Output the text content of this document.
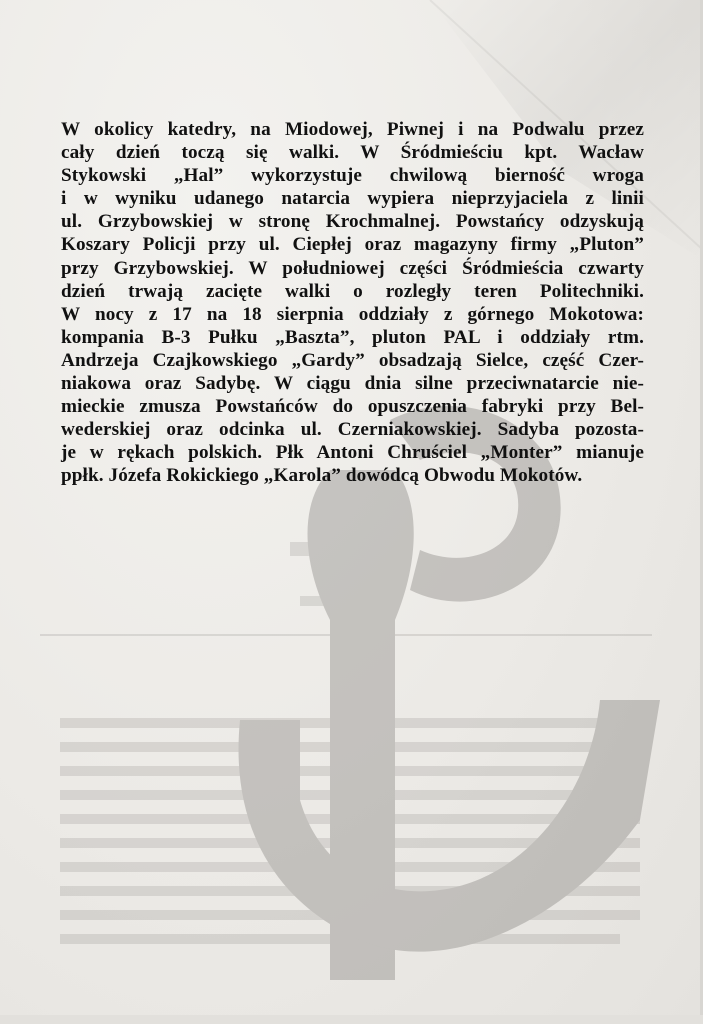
W okolicy katedry, na Miodowej, Piwnej i na Podwalu przez
cały dzień toczą się walki. W Śródmieściu kpt. Wacław
Stykowski „Hal” wykorzystuje chwilową bierność wroga
i w wyniku udanego natarcia wypiera nieprzyjaciela z linii
ul. Grzybowskiej w stronę Krochmalnej. Powstańcy odzyskują
Koszary Policji przy ul. Ciepłej oraz magazyny firmy „Pluton”
przy Grzybowskiej. W południowej części Śródmieścia czwarty
dzień trwają zacięte walki o rozległy teren Politechniki.
W nocy z 17 na 18 sierpnia oddziały z górnego Mokotowa:
kompania B-3 Pułku „Baszta”, pluton PAL i oddziały rtm.
Andrzeja Czajkowskiego „Gardy” obsadzają Sielce, część Czer-
niakowa oraz Sadybę. W ciągu dnia silne przeciwnatarcie nie-
mieckie zmusza Powstańców do opuszczenia fabryki przy Bel-
wederskiej oraz odcinka ul. Czerniakowskiej. Sadyba pozosta-
je w rękach polskich. Płk Antoni Chruściel „Monter” mianuje
ppłk. Józefa Rokickiego „Karola” dowódcą Obwodu Mokotów.
